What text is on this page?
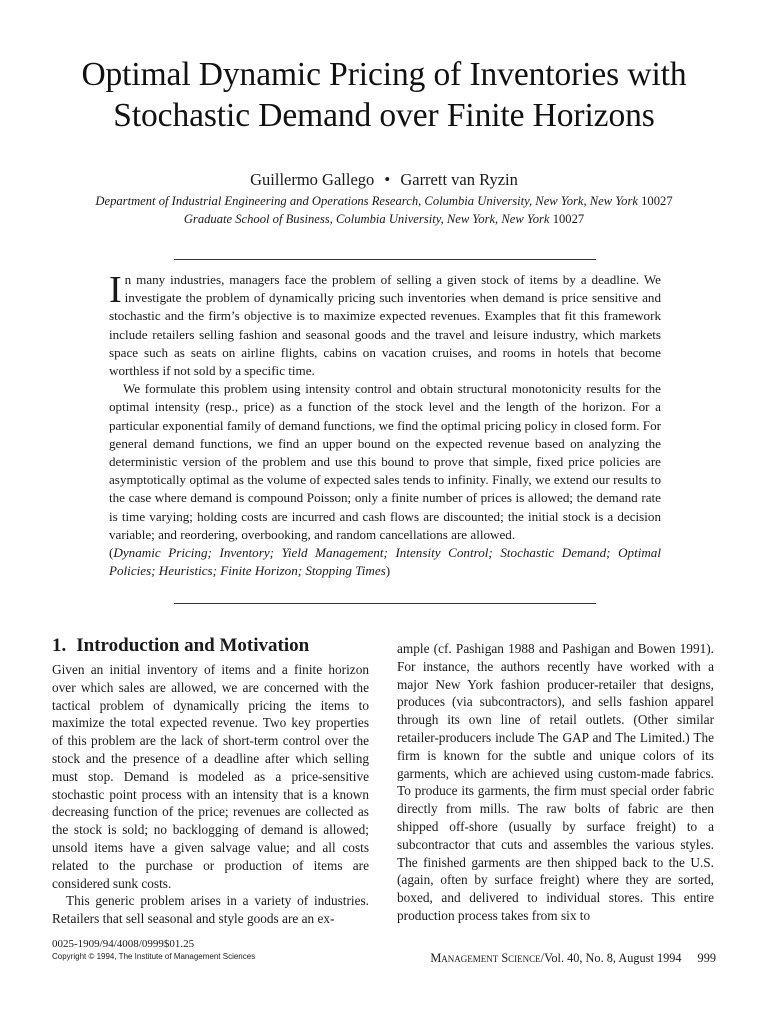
Optimal Dynamic Pricing of Inventories with
Stochastic Demand over Finite Horizons
Guillermo Gallego • Garrett van Ryzin
Department of Industrial Engineering and Operations Research, Columbia University, New York, New York 10027
Graduate School of Business, Columbia University, New York, New York 10027

In many industries, managers face the problem of selling a given stock of items by a deadline. We investigate the problem of dynamically pricing such inventories when demand is price sensitive and stochastic and the firm’s objective is to maximize expected revenues. Examples that fit this framework include retailers selling fashion and seasonal goods and the travel and leisure industry, which markets space such as seats on airline flights, cabins on vacation cruises, and rooms in hotels that become worthless if not sold by a specific time.

We formulate this problem using intensity control and obtain structural monotonicity results for the optimal intensity (resp., price) as a function of the stock level and the length of the horizon. For a particular exponential family of demand functions, we find the optimal pricing policy in closed form. For general demand functions, we find an upper bound on the expected revenue based on analyzing the deterministic version of the problem and use this bound to prove that simple, fixed price policies are asymptotically optimal as the volume of expected sales tends to infinity. Finally, we extend our results to the case where demand is compound Poisson; only a finite number of prices is allowed; the demand rate is time varying; holding costs are incurred and cash flows are discounted; the initial stock is a decision variable; and reordering, overbooking, and random cancellations are allowed.

(Dynamic Pricing; Inventory; Yield Management; Intensity Control; Stochastic Demand; Optimal Policies; Heuristics; Finite Horizon; Stopping Times)

1. Introduction and Motivation

Given an initial inventory of items and a finite horizon over which sales are allowed, we are concerned with the tactical problem of dynamically pricing the items to maximize the total expected revenue. Two key properties of this problem are the lack of short-term control over the stock and the presence of a deadline after which selling must stop. Demand is modeled as a price-sensitive stochastic point process with an intensity that is a known decreasing function of the price; revenues are collected as the stock is sold; no backlogging of demand is allowed; unsold items have a given salvage value; and all costs related to the purchase or production of items are considered sunk costs.

This generic problem arises in a variety of industries. Retailers that sell seasonal and style goods are an ex-

ample (cf. Pashigan 1988 and Pashigan and Bowen 1991). For instance, the authors recently have worked with a major New York fashion producer-retailer that designs, produces (via subcontractors), and sells fashion apparel through its own line of retail outlets. (Other similar retailer-producers include The GAP and The Limited.) The firm is known for the subtle and unique colors of its garments, which are achieved using custom-made fabrics. To produce its garments, the firm must special order fabric directly from mills. The raw bolts of fabric are then shipped off-shore (usually by surface freight) to a subcontractor that cuts and assembles the various styles. The finished garments are then shipped back to the U.S. (again, often by surface freight) where they are sorted, boxed, and delivered to individual stores. This entire production process takes from six to

0025-1909/94/4008/0999$01.25
Copyright © 1994, The Institute of Management Sciences	Management Science/Vol. 40, No. 8, August 1994 999
